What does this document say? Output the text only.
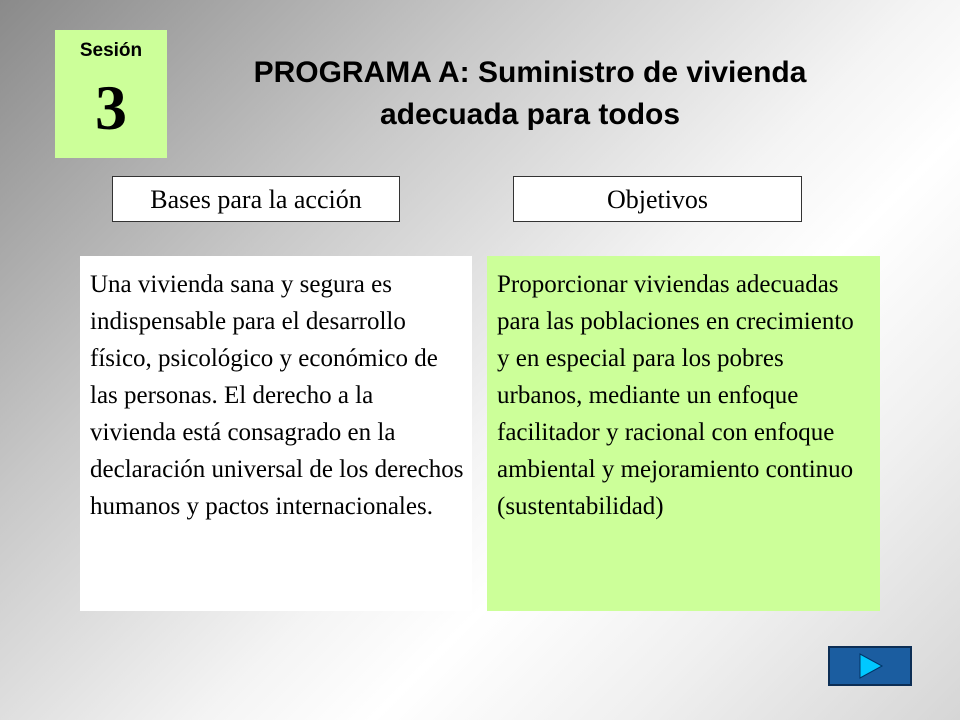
Sesión
3	PROGRAMA A: Suministro de vivienda adecuada para todos
Bases para la acción	Objetivos
Una vivienda sana y segura es indispensable para el desarrollo físico, psicológico y económico de las personas. El derecho a la vivienda está consagrado en la declaración universal de los derechos humanos y pactos internacionales.
Proporcionar viviendas adecuadas para las poblaciones en crecimiento y en especial para los pobres urbanos, mediante un enfoque facilitador y racional con enfoque ambiental y mejoramiento continuo (sustentabilidad)
